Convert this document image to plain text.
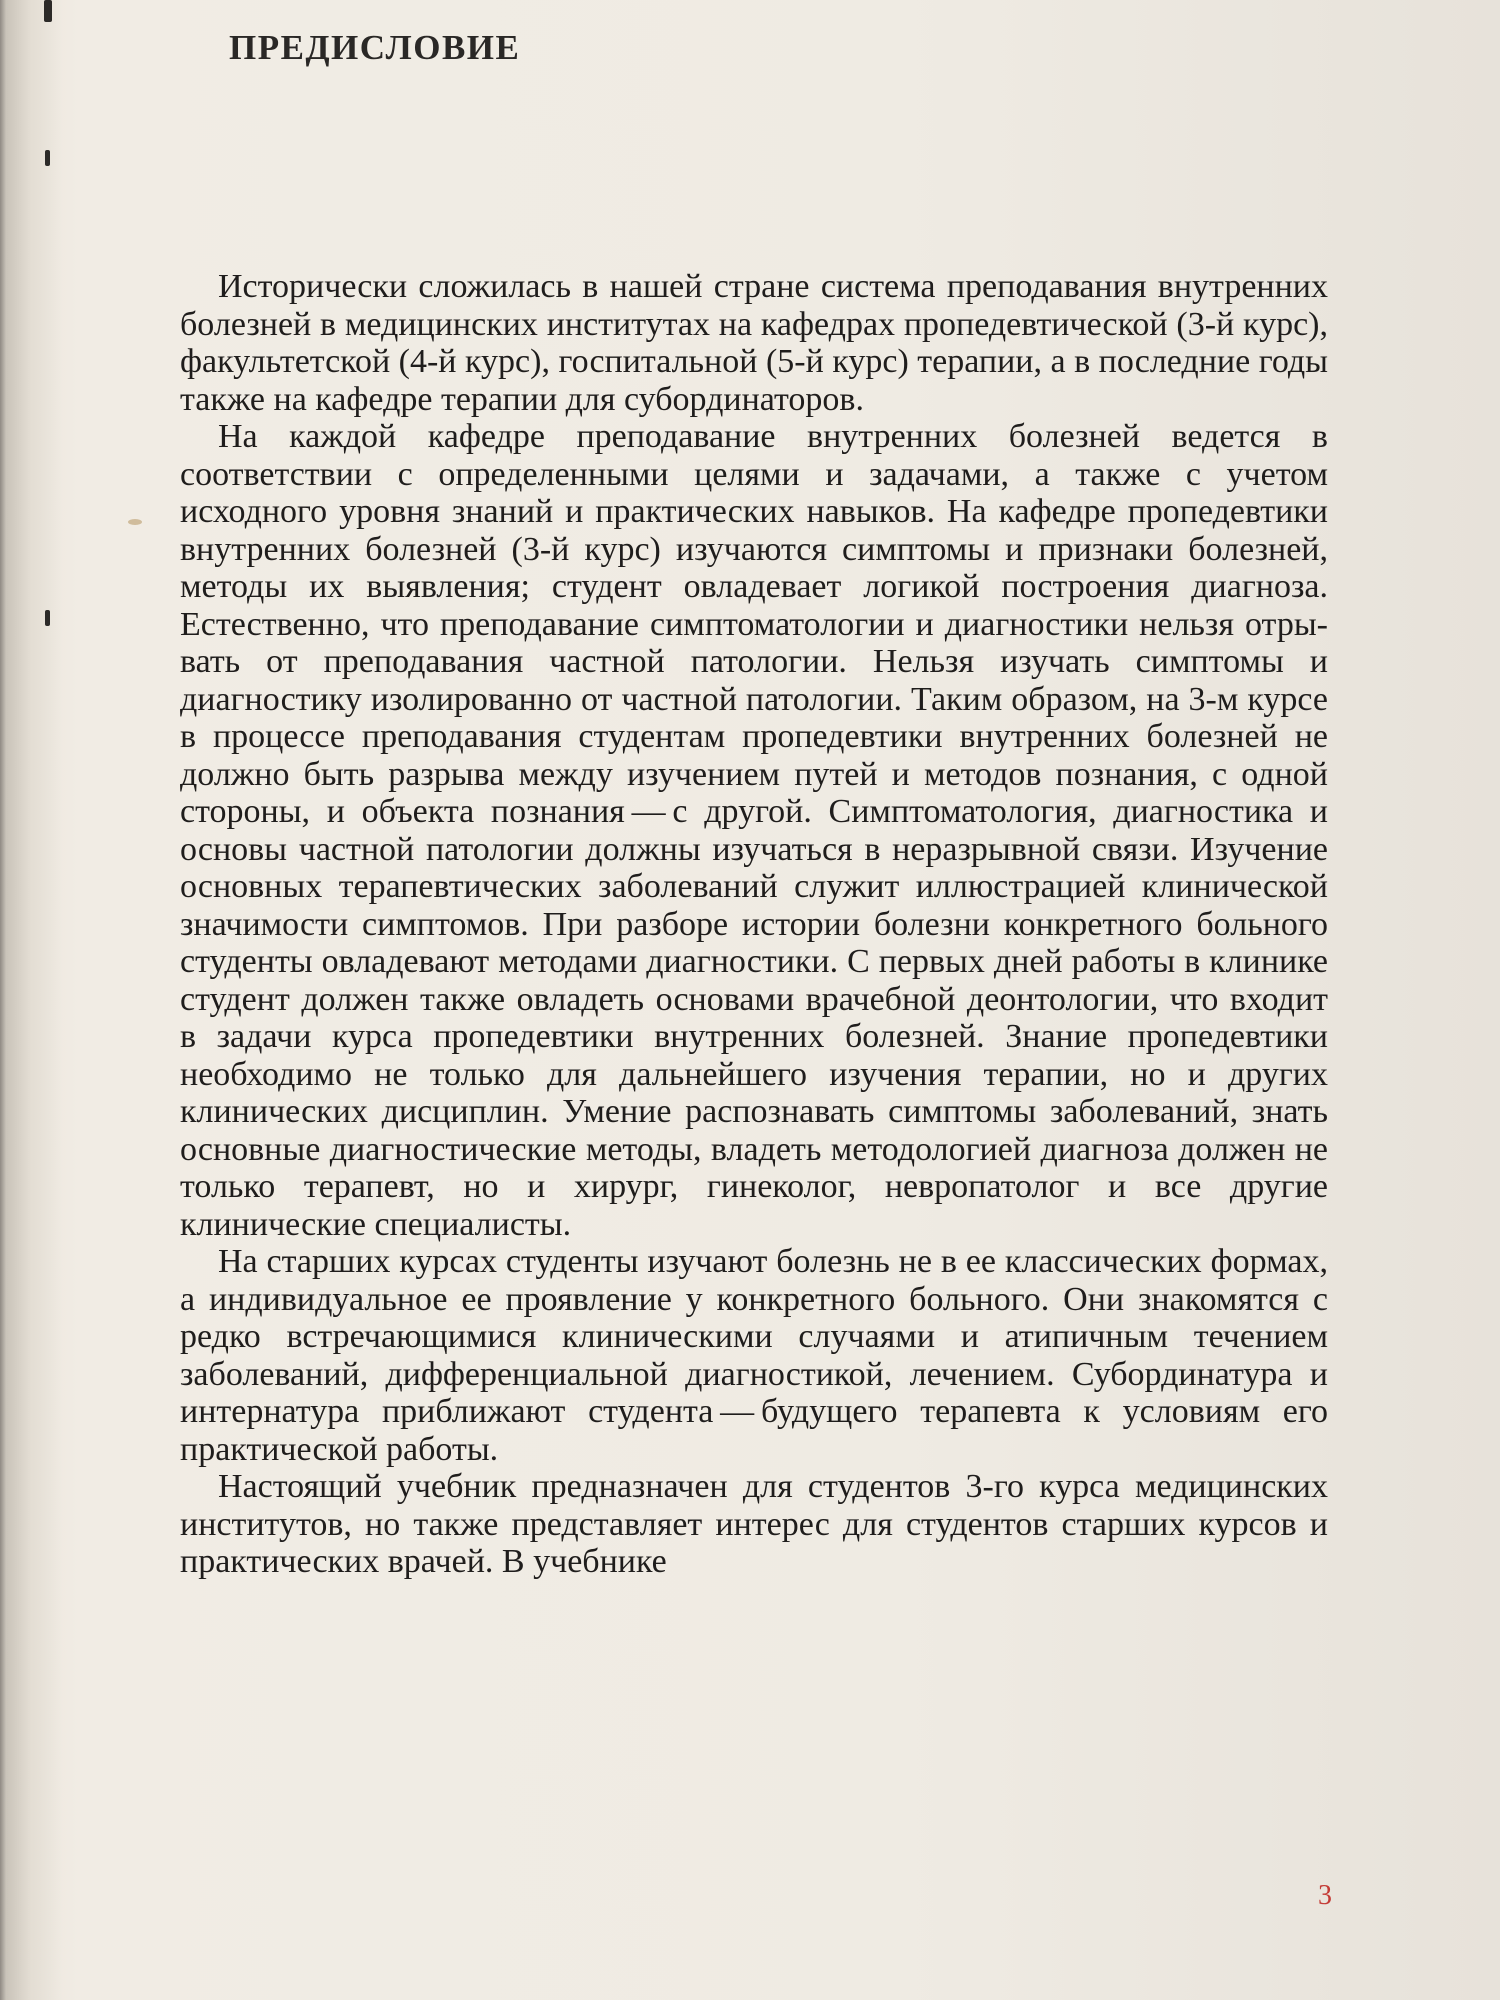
ПРЕДИСЛОВИЕ

Исторически сложилась в нашей стране система преподавания внутренних болезней в медицинских институтах на кафедрах пропедевтической (3-й курс), факультетской (4-й курс), госпитальной (5-й курс) терапии, а в последние годы также на кафедре терапии для субординаторов.

На каждой кафедре преподавание внутренних болезней ведется в соответствии с определенными целями и задачами, а также с учетом исходного уровня знаний и практических навыков. На кафедре пропедевтики внутренних болезней (3-й курс) изучаются симптомы и признаки болезней, методы их выявления; студент овладевает логикой построения диагноза. Естественно, что преподавание симптоматологии и диагностики нельзя отрывать от преподавания частной патологии. Нельзя изучать симптомы и диагностику изолированно от частной патологии. Таким образом, на 3-м курсе в процессе преподавания студентам пропедевтики внутренних болезней не должно быть разрыва между изучением путей и методов познания, с одной стороны, и объекта познания — с другой. Симптоматология, диагностика и основы частной патологии должны изучаться в неразрывной связи. Изучение основных терапевтических заболеваний служит иллюстрацией клинической значимости симптомов. При разборе истории болезни конкретного больного студенты овладевают методами диагностики. С первых дней работы в клинике студент должен также овладеть основами врачебной деонтологии, что входит в задачи курса пропедевтики внутренних болезней. Знание пропедевтики необходимо не только для дальнейшего изучения терапии, но и других клинических дисциплин. Умение распознавать симптомы заболеваний, знать основные диагностические методы, владеть методологией диагноза должен не только терапевт, но и хирург, гинеколог, невропатолог и все другие клинические специалисты.

На старших курсах студенты изучают болезнь не в ее классических формах, а индивидуальное ее проявление у конкретного больного. Они знакомятся с редко встречающимися клиническими случаями и атипичным течением заболеваний, дифференциальной диагностикой, лечением. Субординатура и интернатура приближают студента — будущего терапевта к условиям его практической работы.

Настоящий учебник предназначен для студентов 3-го курса медицинских институтов, но также представляет интерес для студентов старших курсов и практических врачей. В учебнике

3
